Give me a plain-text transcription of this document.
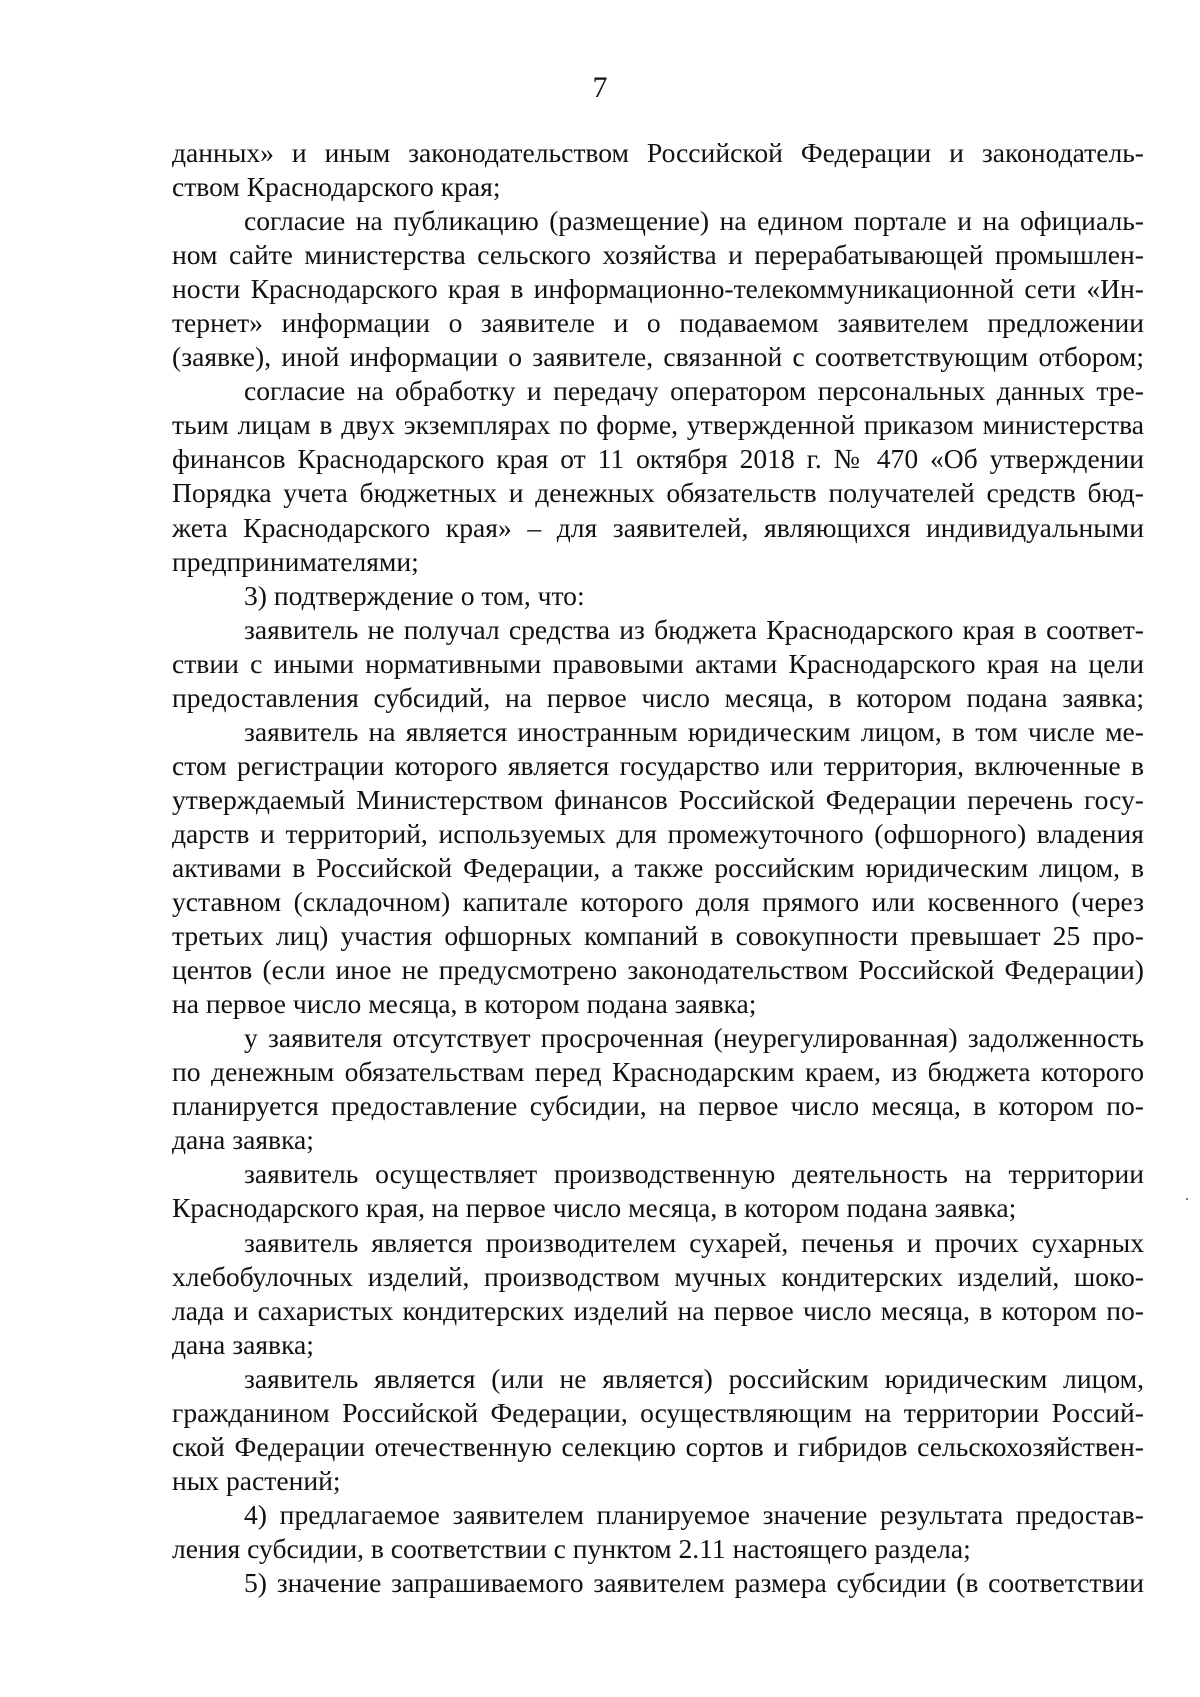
7
данных» и иным законодательством Российской Федерации и законодатель-
ством Краснодарского края;
согласие на публикацию (размещение) на едином портале и на официаль-
ном сайте министерства сельского хозяйства и перерабатывающей промышлен-
ности Краснодарского края в информационно-телекоммуникационной сети «Ин-
тернет» информации о заявителе и о подаваемом заявителем предложении
(заявке), иной информации о заявителе, связанной с соответствующим отбором;
согласие на обработку и передачу оператором персональных данных тре-
тьим лицам в двух экземплярах по форме, утвержденной приказом министерства
финансов Краснодарского края от 11 октября 2018 г. № 470 «Об утверждении
Порядка учета бюджетных и денежных обязательств получателей средств бюд-
жета Краснодарского края» – для заявителей, являющихся индивидуальными
предпринимателями;
3) подтверждение о том, что:
заявитель не получал средства из бюджета Краснодарского края в соответ-
ствии с иными нормативными правовыми актами Краснодарского края на цели
предоставления субсидий, на первое число месяца, в котором подана заявка;
заявитель на является иностранным юридическим лицом, в том числе ме-
стом регистрации которого является государство или территория, включенные в
утверждаемый Министерством финансов Российской Федерации перечень госу-
дарств и территорий, используемых для промежуточного (офшорного) владения
активами в Российской Федерации, а также российским юридическим лицом, в
уставном (складочном) капитале которого доля прямого или косвенного (через
третьих лиц) участия офшорных компаний в совокупности превышает 25 про-
центов (если иное не предусмотрено законодательством Российской Федерации)
на первое число месяца, в котором подана заявка;
у заявителя отсутствует просроченная (неурегулированная) задолженность
по денежным обязательствам перед Краснодарским краем, из бюджета которого
планируется предоставление субсидии, на первое число месяца, в котором по-
дана заявка;
заявитель осуществляет производственную деятельность на территории
Краснодарского края, на первое число месяца, в котором подана заявка;
заявитель является производителем сухарей, печенья и прочих сухарных
хлебобулочных изделий, производством мучных кондитерских изделий, шоко-
лада и сахаристых кондитерских изделий на первое число месяца, в котором по-
дана заявка;
заявитель является (или не является) российским юридическим лицом,
гражданином Российской Федерации, осуществляющим на территории Россий-
ской Федерации отечественную селекцию сортов и гибридов сельскохозяйствен-
ных растений;
4) предлагаемое заявителем планируемое значение результата предостав-
ления субсидии, в соответствии с пунктом 2.11 настоящего раздела;
5) значение запрашиваемого заявителем размера субсидии (в соответствии
